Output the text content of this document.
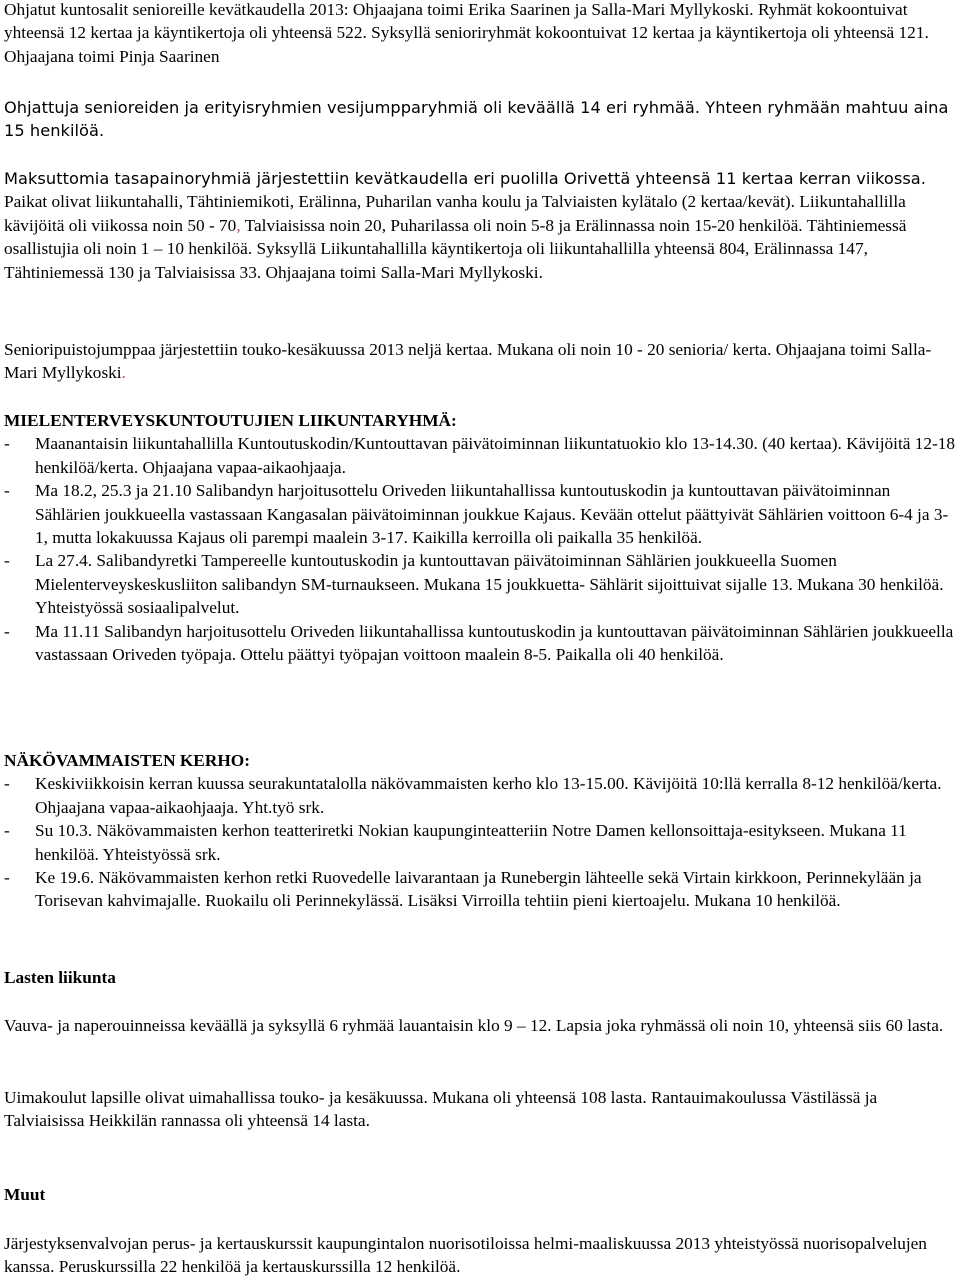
Ohjatut kuntosalit senioreille kevätkaudella 2013: Ohjaajana toimi Erika Saarinen ja Salla-Mari Myllykoski. Ryhmät kokoontuivat yhteensä 12 kertaa ja käyntikertoja oli yhteensä 522. Syksyllä senioriryhmät kokoontuivat 12 kertaa ja käyntikertoja oli yhteensä 121. Ohjaajana toimi Pinja Saarinen

Ohjattuja senioreiden ja erityisryhmien vesijumpparyhmiä oli keväällä 14 eri ryhmää. Yhteen ryhmään mahtuu aina 15 henkilöä.

Maksuttomia tasapainoryhmiä järjestettiin kevätkaudella eri puolilla Orivettä yhteensä 11 kertaa kerran viikossa.

Paikat olivat liikuntahalli, Tähtiniemikoti, Erälinna, Puharilan vanha koulu ja Talviaisten kylätalo (2 kertaa/kevät). Liikuntahallilla kävijöitä oli viikossa noin 50 - 70, Talviaisissa noin 20, Puharilassa oli noin 5-8 ja Erälinnassa noin 15-20 henkilöä. Tähtiniemessä osallistujia oli noin 1 – 10 henkilöä. Syksyllä Liikuntahallilla käyntikertoja oli liikuntahallilla yhteensä 804, Erälinnassa 147, Tähtiniemessä 130 ja Talviaisissa 33. Ohjaajana toimi Salla-Mari Myllykoski.

Senioripuistojumppaa järjestettiin touko-kesäkuussa 2013 neljä kertaa. Mukana oli noin 10 - 20 senioria/ kerta. Ohjaajana toimi Salla-Mari Myllykoski.

MIELENTERVEYSKUNTOUTUJIEN LIIKUNTARYHMÄ:

- Maanantaisin liikuntahallilla Kuntoutuskodin/Kuntouttavan päivätoiminnan liikuntatuokio klo 13-14.30. (40 kertaa). Kävijöitä 12-18 henkilöä/kerta. Ohjaajana vapaa-aikaohjaaja.
- Ma 18.2, 25.3 ja 21.10 Salibandyn harjoitusottelu Oriveden liikuntahallissa kuntoutuskodin ja kuntouttavan päivätoiminnan Sählärien joukkueella vastassaan Kangasalan päivätoiminnan joukkue Kajaus. Kevään ottelut päättyivät Sählärien voittoon 6-4 ja 3-1, mutta lokakuussa Kajaus oli parempi maalein 3-17. Kaikilla kerroilla oli paikalla 35 henkilöä.
- La 27.4. Salibandyretki Tampereelle kuntoutuskodin ja kuntouttavan päivätoiminnan Sählärien joukkueella Suomen Mielenterveyskeskusliiton salibandyn SM-turnaukseen. Mukana 15 joukkuetta- Sählärit sijoittuivat sijalle 13. Mukana 30 henkilöä. Yhteistyössä sosiaalipalvelut.
- Ma 11.11 Salibandyn harjoitusottelu Oriveden liikuntahallissa kuntoutuskodin ja kuntouttavan päivätoiminnan Sählärien joukkueella vastassaan Oriveden työpaja. Ottelu päättyi työpajan voittoon maalein 8-5. Paikalla oli 40 henkilöä.

NÄKÖVAMMAISTEN KERHO:

- Keskiviikkoisin kerran kuussa seurakuntatalolla näkövammaisten kerho klo 13-15.00. Kävijöitä 10:llä kerralla 8-12 henkilöä/kerta. Ohjaajana vapaa-aikaohjaaja. Yht.työ srk.
- Su 10.3. Näkövammaisten kerhon teatteriretki Nokian kaupunginteatteriin Notre Damen kellonsoittaja-esitykseen. Mukana 11 henkilöä. Yhteistyössä srk.
- Ke 19.6. Näkövammaisten kerhon retki Ruovedelle laivarantaan ja Runebergin lähteelle sekä Virtain kirkkoon, Perinnekylään ja Torisevan kahvimajalle. Ruokailu oli Perinnekylässä. Lisäksi Virroilla tehtiin pieni kiertoajelu. Mukana 10 henkilöä.

Lasten liikunta

Vauva- ja naperouinneissa keväällä ja syksyllä 6 ryhmää lauantaisin klo 9 – 12. Lapsia joka ryhmässä oli noin 10, yhteensä siis 60 lasta.

Uimakoulut lapsille olivat uimahallissa touko- ja kesäkuussa. Mukana oli yhteensä 108 lasta. Rantauimakoulussa Västilässä ja Talviaisissa Heikkilän rannassa oli yhteensä 14 lasta.

Muut

Järjestyksenvalvojan perus- ja kertauskurssit kaupungintalon nuorisotiloissa helmi-maaliskuussa 2013 yhteistyössä nuorisopalvelujen kanssa. Peruskurssilla 22 henkilöä ja kertauskurssilla 12 henkilöä.
